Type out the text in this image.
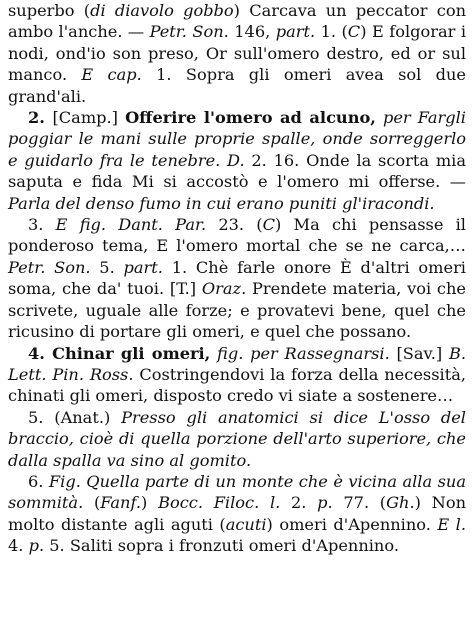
superbo (di diavolo gobbo) Carcava un peccator con ambo l'anche. — Petr. Son. 146, part. 1. (C) E folgorar i nodi, ond'io son preso, Or sull'omero destro, ed or sul manco. E cap. 1. Sopra gli omeri avea sol due grand'ali.

2. [Camp.] Offerire l'omero ad alcuno, per Fargli poggiar le mani sulle proprie spalle, onde sorreggerlo e guidarlo fra le tenebre. D. 2. 16. Onde la scorta mia saputa e fida Mi si accostò e l'omero mi offerse. — Parla del denso fumo in cui erano puniti gl'iracondi.

3. E fig. Dant. Par. 23. (C) Ma chi pensasse il ponderoso tema, E l'omero mortal che se ne carca,… Petr. Son. 5. part. 1. Chè farle onore È d'altri omeri soma, che da' tuoi. [T.] Oraz. Prendete materia, voi che scrivete, uguale alle forze; e provatevi bene, quel che ricusino di portare gli omeri, e quel che possano.

4. Chinar gli omeri, fig. per Rassegnarsi. [Sav.] B. Lett. Pin. Ross. Costringendovi la forza della necessità, chinati gli omeri, disposto credo vi siate a sostenere…

5. (Anat.) Presso gli anatomici si dice L'osso del braccio, cioè di quella porzione dell'arto superiore, che dalla spalla va sino al gomito.

6. Fig. Quella parte di un monte che è vicina alla sua sommità. (Fanf.) Bocc. Filoc. l. 2. p. 77. (Gh.) Non molto distante agli aguti (acuti) omeri d'Apennino. E l. 4. p. 5. Saliti sopra i fronzuti omeri d'Apennino.
